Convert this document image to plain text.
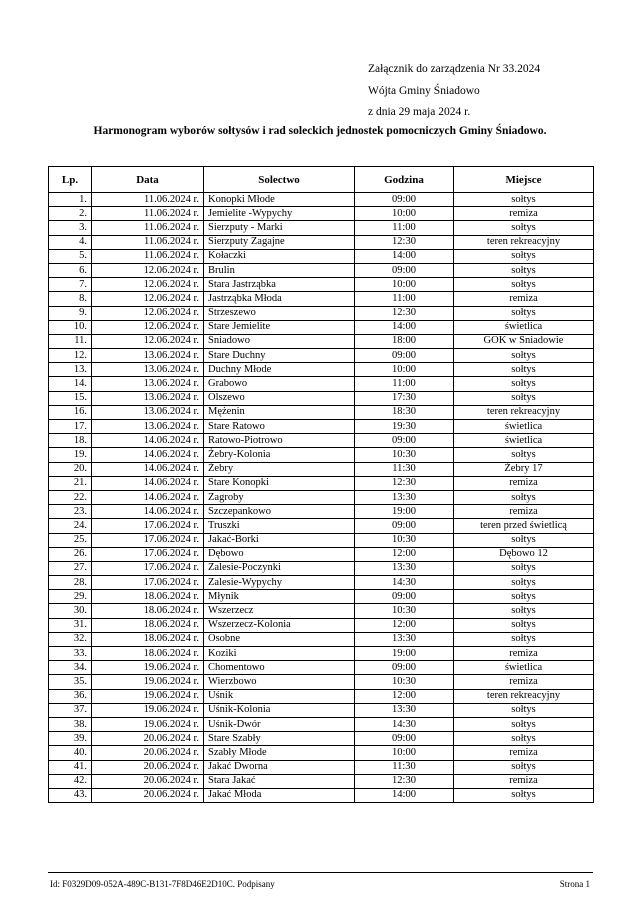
Załącznik do zarządzenia Nr 33.2024
Wójta Gminy Śniadowo
z dnia 29 maja 2024 r.
Harmonogram wyborów sołtysów i rad soleckich jednostek pomocniczych Gminy Śniadowo.
Lp.	Data	Solectwo	Godzina	Miejsce
1.	11.06.2024 r.	Konopki Młode	09:00	sołtys
2.	11.06.2024 r.	Jemielite -Wypychy	10:00	remiza
3.	11.06.2024 r.	Sierzputy - Marki	11:00	sołtys
4.	11.06.2024 r.	Sierzputy Zagajne	12:30	teren rekreacyjny
5.	11.06.2024 r.	Kołaczki	14:00	sołtys
6.	12.06.2024 r.	Brulin	09:00	sołtys
7.	12.06.2024 r.	Stara Jastrząbka	10:00	sołtys
8.	12.06.2024 r.	Jastrząbka Młoda	11:00	remiza
9.	12.06.2024 r.	Strzeszewo	12:30	sołtys
10.	12.06.2024 r.	Stare Jemielite	14:00	świetlica
11.	12.06.2024 r.	Śniadowo	18:00	GOK w Śniadowie
12.	13.06.2024 r.	Stare Duchny	09:00	sołtys
13.	13.06.2024 r.	Duchny Młode	10:00	sołtys
14.	13.06.2024 r.	Grabowo	11:00	sołtys
15.	13.06.2024 r.	Olszewo	17:30	sołtys
16.	13.06.2024 r.	Mężenin	18:30	teren rekreacyjny
17.	13.06.2024 r.	Stare Ratowo	19:30	świetlica
18.	14.06.2024 r.	Ratowo-Piotrowo	09:00	świetlica
19.	14.06.2024 r.	Żebry-Kolonia	10:30	sołtys
20.	14.06.2024 r.	Żebry	11:30	Żebry 17
21.	14.06.2024 r.	Stare Konopki	12:30	remiza
22.	14.06.2024 r.	Zagroby	13:30	sołtys
23.	14.06.2024 r.	Szczepankowo	19:00	remiza
24.	17.06.2024 r.	Truszki	09:00	teren przed świetlicą
25.	17.06.2024 r.	Jakać-Borki	10:30	sołtys
26.	17.06.2024 r.	Dębowo	12:00	Dębowo 12
27.	17.06.2024 r.	Zalesie-Poczynki	13:30	sołtys
28.	17.06.2024 r.	Zalesie-Wypychy	14:30	sołtys
29.	18.06.2024 r.	Młynik	09:00	sołtys
30.	18.06.2024 r.	Wszerzecz	10:30	sołtys
31.	18.06.2024 r.	Wszerzecz-Kolonia	12:00	sołtys
32.	18.06.2024 r.	Osobne	13:30	sołtys
33.	18.06.2024 r.	Koziki	19:00	remiza
34.	19.06.2024 r.	Chomentowo	09:00	świetlica
35.	19.06.2024 r.	Wierzbowo	10:30	remiza
36.	19.06.2024 r.	Uśnik	12:00	teren rekreacyjny
37.	19.06.2024 r.	Uśnik-Kolonia	13:30	sołtys
38.	19.06.2024 r.	Uśnik-Dwór	14:30	sołtys
39.	20.06.2024 r.	Stare Szabły	09:00	sołtys
40.	20.06.2024 r.	Szabły Młode	10:00	remiza
41.	20.06.2024 r.	Jakać Dworna	11:30	sołtys
42.	20.06.2024 r.	Stara Jakać	12:30	remiza
43.	20.06.2024 r.	Jakać Młoda	14:00	sołtys
Id: F0329D09-052A-489C-B131-7F8D46E2D10C. Podpisany	Strona 1
